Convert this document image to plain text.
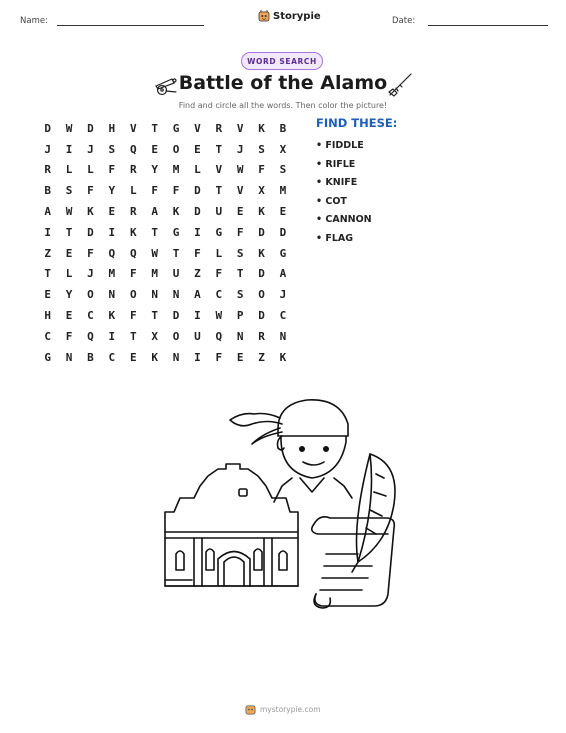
Name:	Storypie	Date:
WORD SEARCH
Battle of the Alamo
Find and circle all the words. Then color the picture!
D	W	D	H	V	T	G	V	R	V	K	B
J	I	J	S	Q	E	O	E	T	J	S	X
R	L	L	F	R	Y	M	L	V	W	F	S
B	S	F	Y	L	F	F	D	T	V	X	M
A	W	K	E	R	A	K	D	U	E	K	E
I	T	D	I	K	T	G	I	G	F	D	D
Z	E	F	Q	Q	W	T	F	L	S	K	G
T	L	J	M	F	M	U	Z	F	T	D	A
E	Y	O	N	O	N	N	A	C	S	O	J
H	E	C	K	F	T	D	I	W	P	D	C
C	F	Q	I	T	X	O	U	Q	N	R	N
G	N	B	C	E	K	N	I	F	E	Z	K
FIND THESE:
• FIDDLE
• RIFLE
• KNIFE
• COT
• CANNON
• FLAG
mystorypie.com
